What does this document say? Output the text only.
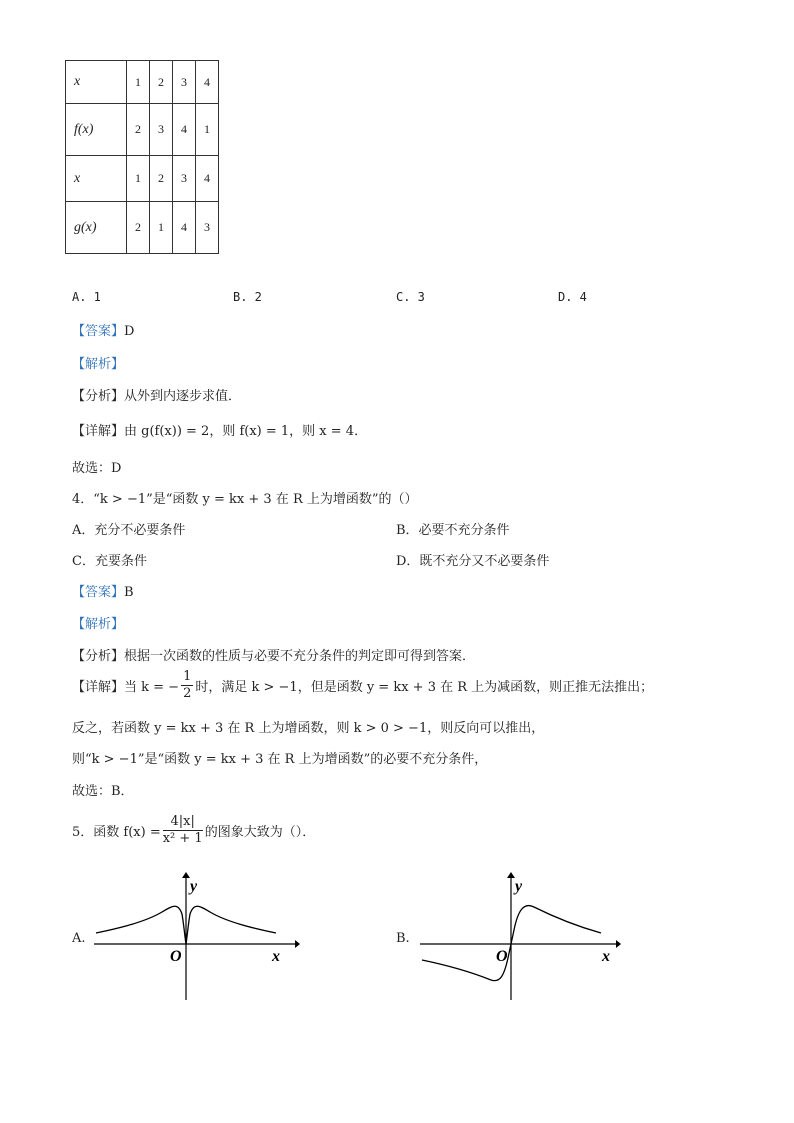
x	1	2	3	4
f(x)	2	3	4	1
x	1	2	3	4
g(x)	2	1	4	3
A. 1	B. 2	C. 3	D. 4
【答案】D
【解析】
【分析】从外到内逐步求值．
【详解】由 g(f(x)) = 2，则 f(x) = 1，则 x = 4．
故选：D
4．“k > −1”是“函数 y = kx + 3 在 R 上为增函数”的（）
A．充分不必要条件	B．必要不充分条件
C．充要条件	D．既不充分又不必要条件
【答案】B
【解析】
【分析】根据一次函数的性质与必要不充分条件的判定即可得到答案．
【详解】当 k = − $\frac{1}{2}$ 时，满足 k > −1，但是函数 y = kx + 3 在 R 上为减函数，则正推无法推出；
反之，若函数 y = kx + 3 在 R 上为增函数，则 k > 0 > −1，则反向可以推出，
则“k > −1”是“函数 y = kx + 3 在 R 上为增函数”的必要不充分条件，
故选：B．
5．函数 $f(x) = \frac{4|x|}{\text{x² + 1}}$ 的图象大致为（）．
A.
y
x
O
B.
y
x
O
